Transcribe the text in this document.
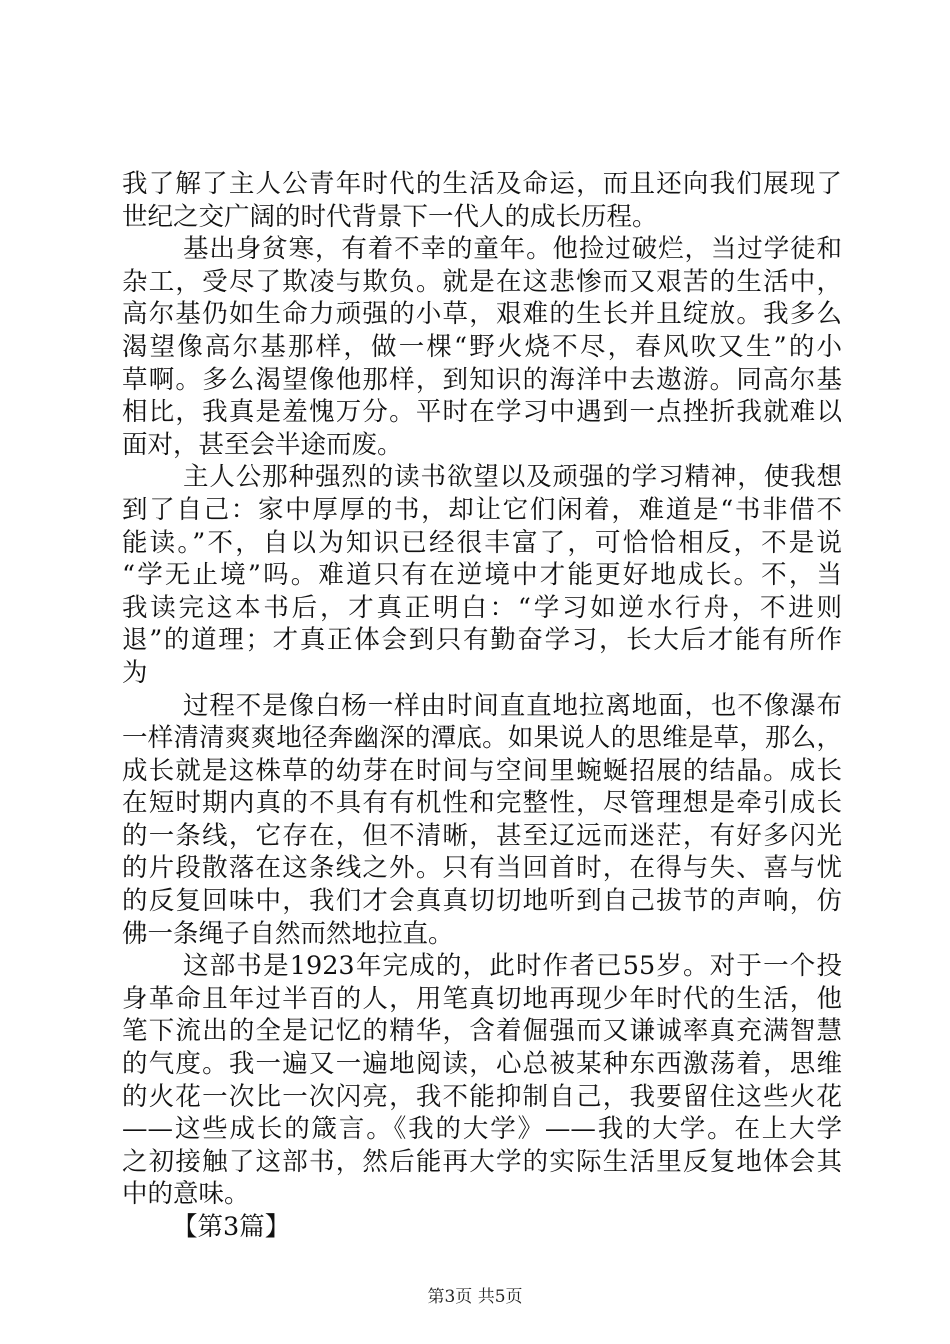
我了解了主人公青年时代的生活及命运，而且还向我们展现了
世纪之交广阔的时代背景下一代人的成长历程。
基出身贫寒，有着不幸的童年。他捡过破烂，当过学徒和
杂工，受尽了欺凌与欺负。就是在这悲惨而又艰苦的生活中，
高尔基仍如生命力顽强的小草，艰难的生长并且绽放。我多么
渴望像高尔基那样，做一棵“野火烧不尽，春风吹又生”的小
草啊。多么渴望像他那样，到知识的海洋中去遨游。同高尔基
相比，我真是羞愧万分。平时在学习中遇到一点挫折我就难以
面对，甚至会半途而废。
主人公那种强烈的读书欲望以及顽强的学习精神，使我想
到了自己：家中厚厚的书，却让它们闲着，难道是“书非借不
能读。”不，自以为知识已经很丰富了，可恰恰相反，不是说
“学无止境”吗。难道只有在逆境中才能更好地成长。不，当
我读完这本书后，才真正明白：“学习如逆水行舟，不进则
退”的道理；才真正体会到只有勤奋学习，长大后才能有所作
为
过程不是像白杨一样由时间直直地拉离地面，也不像瀑布
一样清清爽爽地径奔幽深的潭底。如果说人的思维是草，那么，
成长就是这株草的幼芽在时间与空间里蜿蜒招展的结晶。成长
在短时期内真的不具有有机性和完整性，尽管理想是牵引成长
的一条线，它存在，但不清晰，甚至辽远而迷茫，有好多闪光
的片段散落在这条线之外。只有当回首时，在得与失、喜与忧
的反复回味中，我们才会真真切切地听到自己拔节的声响，仿
佛一条绳子自然而然地拉直。
这部书是1923年完成的，此时作者已55岁。对于一个投
身革命且年过半百的人，用笔真切地再现少年时代的生活，他
笔下流出的全是记忆的精华，含着倔强而又谦诚率真充满智慧
的气度。我一遍又一遍地阅读，心总被某种东西激荡着，思维
的火花一次比一次闪亮，我不能抑制自己，我要留住这些火花
——这些成长的箴言。《我的大学》——我的大学。在上大学
之初接触了这部书，然后能再大学的实际生活里反复地体会其
中的意味。
【第3篇】
第3页 共5页
